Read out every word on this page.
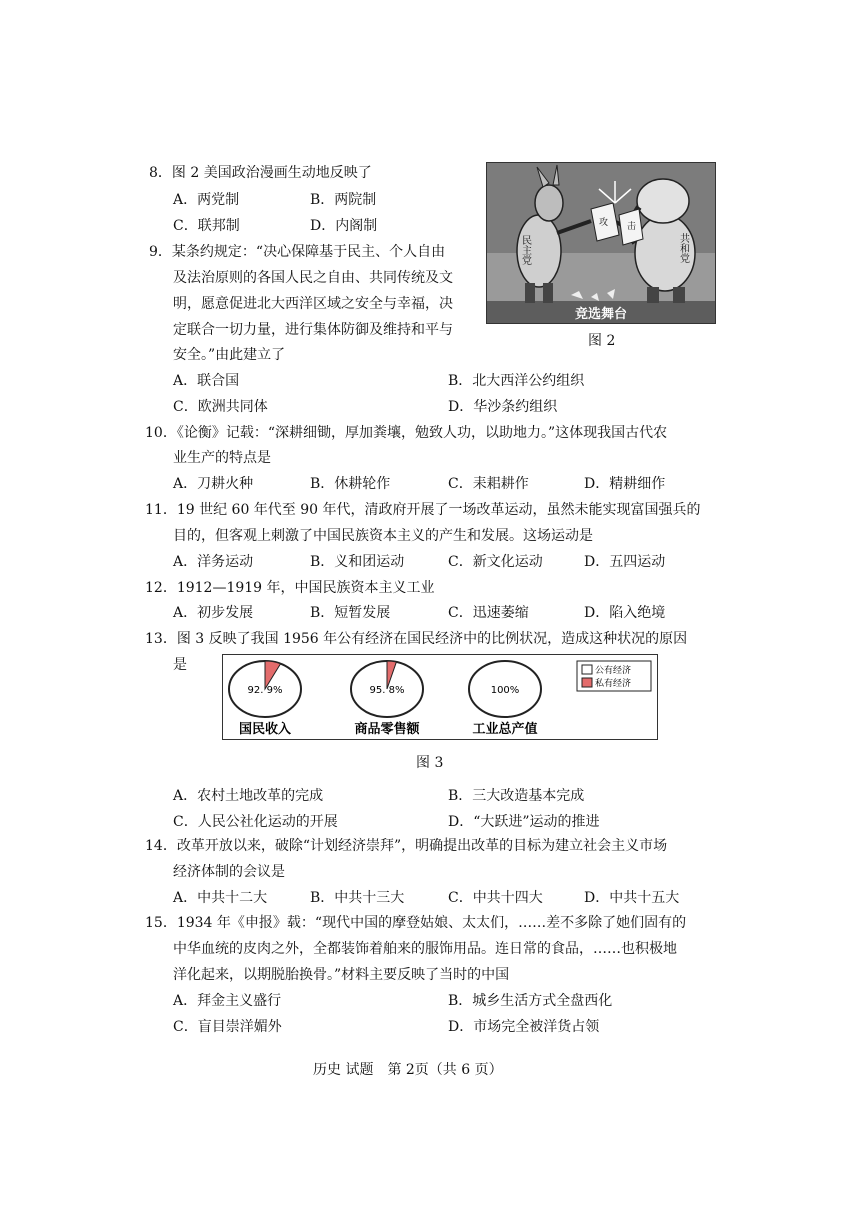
8．图 2 美国政治漫画生动地反映了
A．两党制	B．两院制
C．联邦制	D．内阁制
民主党	共和党
攻 击
竞选舞台
图 2
9．某条约规定：“决心保障基于民主、个人自由
及法治原则的各国人民之自由、共同传统及文
明，愿意促进北大西洋区域之安全与幸福，决
定联合一切力量，进行集体防御及维持和平与
安全。”由此建立了
A．联合国	B．北大西洋公约组织
C．欧洲共同体	D．华沙条约组织
10．《论衡》记载：“深耕细锄，厚加粪壤，勉致人功，以助地力。”这体现我国古代农
业生产的特点是
A．刀耕火种	B．休耕轮作	C．耒耜耕作	D．精耕细作
11．19 世纪 60 年代至 90 年代，清政府开展了一场改革运动，虽然未能实现富国强兵的
目的，但客观上刺激了中国民族资本主义的产生和发展。这场运动是
A．洋务运动	B．义和团运动	C．新文化运动	D．五四运动
12．1912—1919 年，中国民族资本主义工业
A．初步发展	B．短暂发展	C．迅速萎缩	D．陷入绝境
13．图 3 反映了我国 1956 年公有经济在国民经济中的比例状况，造成这种状况的原因
是
92. 9%
国民收入
95. 8%
商品零售额
100%
工业总产值
公有经济
私有经济
图 3
A．农村土地改革的完成	B．三大改造基本完成
C．人民公社化运动的开展	D．“大跃进”运动的推进
14．改革开放以来，破除“计划经济崇拜”，明确提出改革的目标为建立社会主义市场
经济体制的会议是
A．中共十二大	B．中共十三大	C．中共十四大	D．中共十五大
15．1934 年《申报》载：“现代中国的摩登姑娘、太太们，……差不多除了她们固有的
中华血统的皮肉之外，全都装饰着舶来的服饰用品。连日常的食品，……也积极地
洋化起来，以期脱胎换骨。”材料主要反映了当时的中国
A．拜金主义盛行	B．城乡生活方式全盘西化
C．盲目崇洋媚外	D．市场完全被洋货占领
历史 试题　第 2页（共 6 页）
